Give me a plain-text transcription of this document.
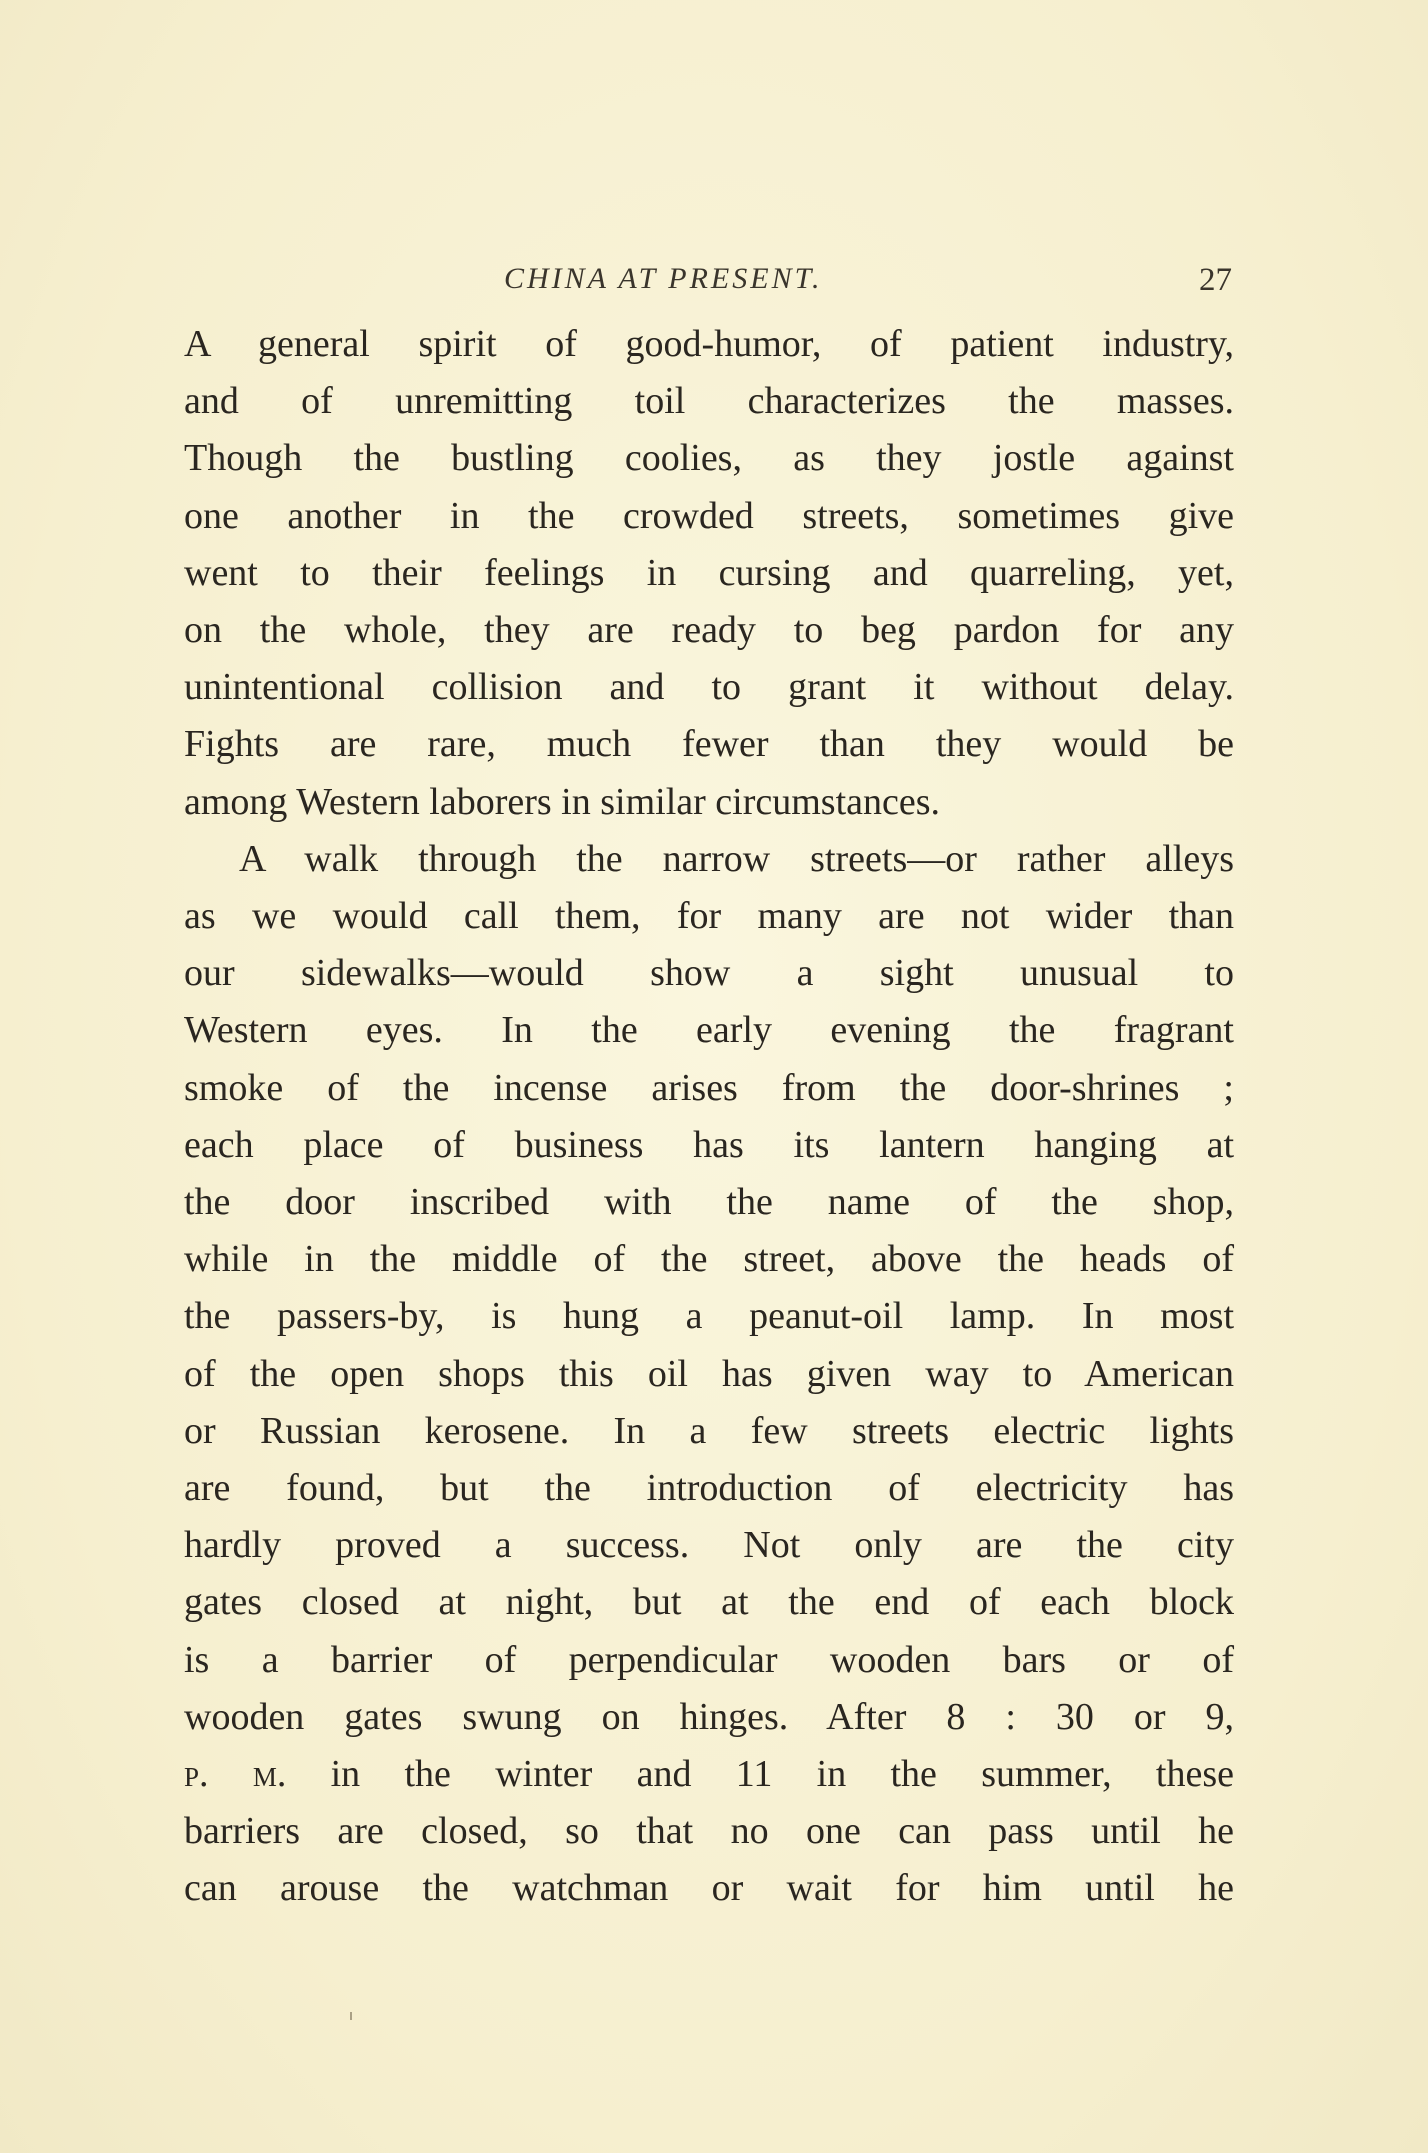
CHINA AT PRESENT.	27

A general spirit of good-humor, of patient industry,
and of unremitting toil characterizes the masses.
Though the bustling coolies, as they jostle against
one another in the crowded streets, sometimes give
went to their feelings in cursing and quarreling, yet,
on the whole, they are ready to beg pardon for any
unintentional collision and to grant it without delay.
Fights are rare, much fewer than they would be
among Western laborers in similar circumstances.

A walk through the narrow streets—or rather alleys
as we would call them, for many are not wider than
our sidewalks—would show a sight unusual to
Western eyes. In the early evening the fragrant
smoke of the incense arises from the door-shrines ;
each place of business has its lantern hanging at
the door inscribed with the name of the shop,
while in the middle of the street, above the heads of
the passers-by, is hung a peanut-oil lamp. In most
of the open shops this oil has given way to American
or Russian kerosene. In a few streets electric lights
are found, but the introduction of electricity has
hardly proved a success. Not only are the city
gates closed at night, but at the end of each block
is a barrier of perpendicular wooden bars or of
wooden gates swung on hinges. After 8 : 30 or 9,
p. m. in the winter and 11 in the summer, these
barriers are closed, so that no one can pass until he
can arouse the watchman or wait for him until he
